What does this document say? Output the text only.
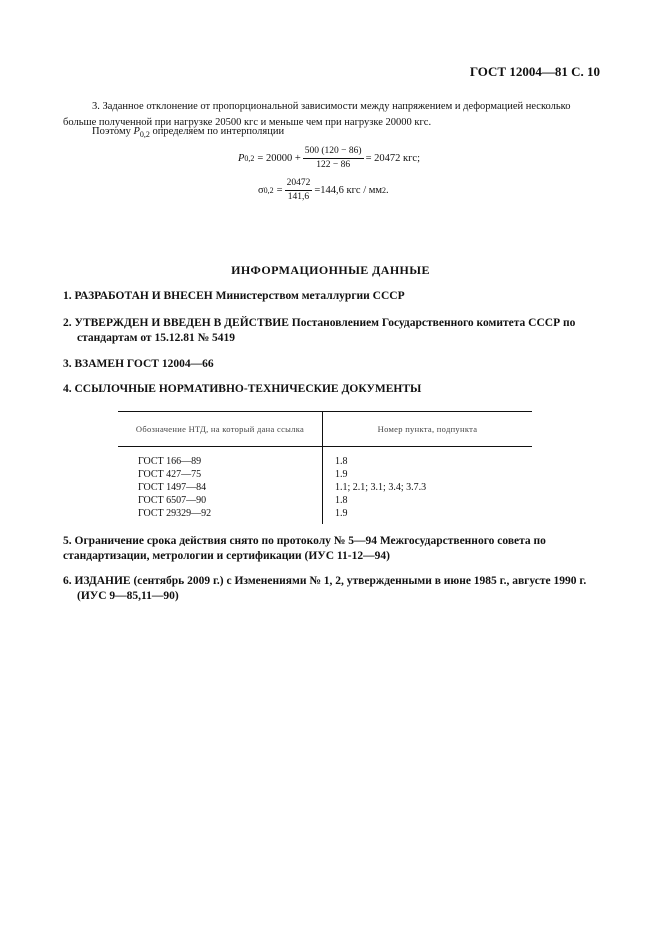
ГОСТ 12004—81 С. 10
3. Заданное отклонение от пропорциональной зависимости между напряжением и деформацией несколько больше полученной при нагрузке 20500 кгс и меньше чем при нагрузке 20000 кгс.
Поэтому $P_{0,2}$ определяем по интерполяции
P $0,2 = 20000 + \frac{500 (120 - 86)}{122 - 86} = 20472$ кгс;
σ $0,2 = \frac{20472}{141,6} =144,6$ кгс / мм 2 .
ИНФОРМАЦИОННЫЕ ДАННЫЕ
1. РАЗРАБОТАН И ВНЕСЕН Министерством металлургии СССР
2. УТВЕРЖДЕН И ВВЕДЕН В ДЕЙСТВИЕ Постановлением Государственного комитета СССР по
стандартам от 15.12.81 № 5419
3. ВЗАМЕН ГОСТ 12004—66
4. ССЫЛОЧНЫЕ НОРМАТИВНО-ТЕХНИЧЕСКИЕ ДОКУМЕНТЫ
Обозначение НТД, на который дана ссылка	Номер пункта, подпункта
ГОСТ 166—89	1.8
ГОСТ 427—75	1.9
ГОСТ 1497—84	1.1; 2.1; 3.1; 3.4; 3.7.3
ГОСТ 6507—90	1.8
ГОСТ 29329—92	1.9
5. Ограничение срока действия снято по протоколу № 5—94 Межгосударственного совета по стандартизации, метрологии и сертификации (ИУС 11-12—94)
6. ИЗДАНИЕ (сентябрь 2009 г.) с Изменениями № 1, 2, утвержденными в июне 1985 г., августе 1990 г.
(ИУС 9—85,11—90)
